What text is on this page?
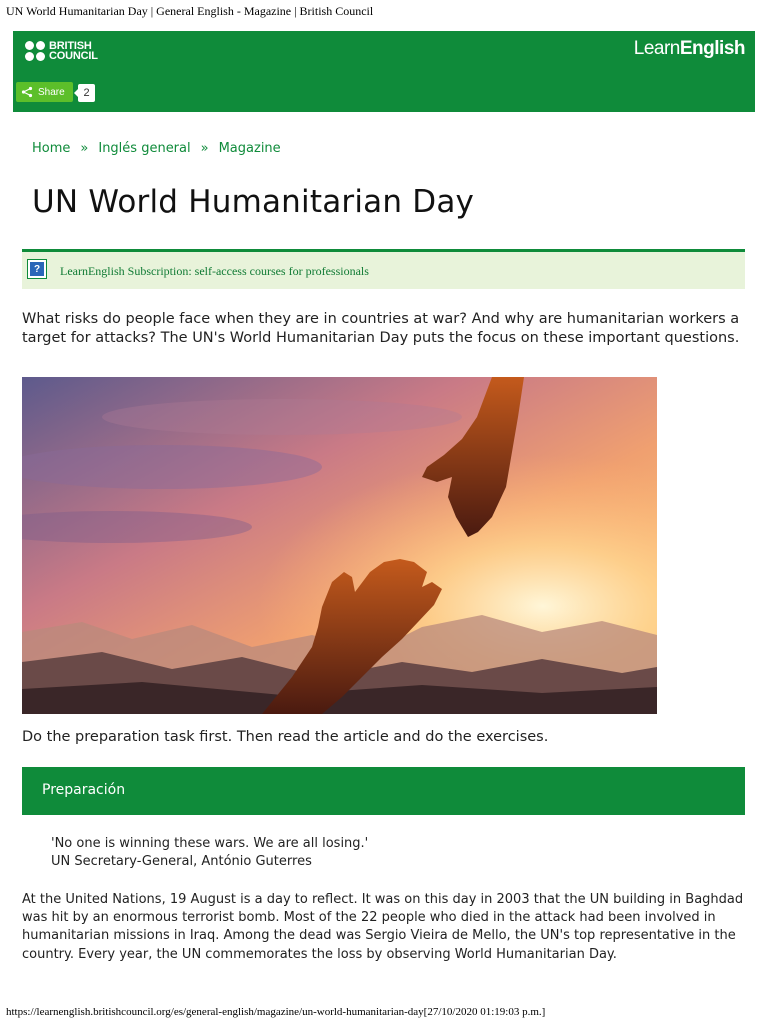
UN World Humanitarian Day | General English - Magazine | British Council
BRITISH
COUNCIL	LearnEnglish
Share	2
Home » Inglés general » Magazine
UN World Humanitarian Day
?	LearnEnglish Subscription: self-access courses for professionals

What risks do people face when they are in countries at war? And why are humanitarian workers a target for attacks? The UN's World Humanitarian Day puts the focus on these important questions.

Do the preparation task first. Then read the article and do the exercises.

Preparación
'No one is winning these wars. We are all losing.'
UN Secretary-General, António Guterres

At the United Nations, 19 August is a day to reflect. It was on this day in 2003 that the UN building in Baghdad was hit by an enormous terrorist bomb. Most of the 22 people who died in the attack had been involved in humanitarian missions in Iraq. Among the dead was Sergio Vieira de Mello, the UN's top representative in the country. Every year, the UN commemorates the loss by observing World Humanitarian Day.

https://learnenglish.britishcouncil.org/es/general-english/magazine/un-world-humanitarian-day[27/10/2020 01:19:03 p.m.]
